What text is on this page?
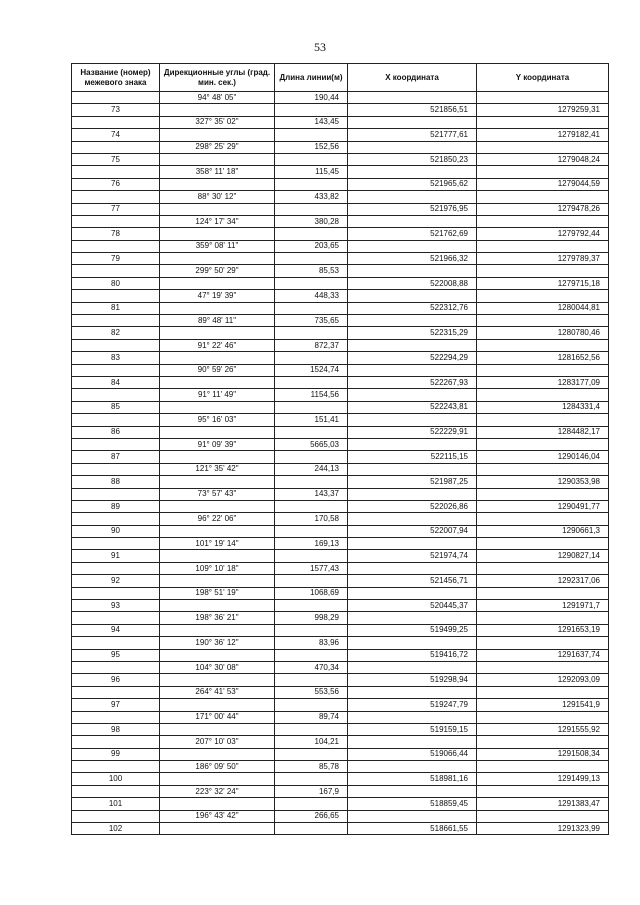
53
Название (номер) межевого знака	Дирекционные углы (град. мин. сек.)	Длина линии(м)	X координата	Y координата
	94° 48' 05"	190,44		
73			521856,51	1279259,31
	327° 35' 02"	143,45		
74			521777,61	1279182,41
	298° 25' 29"	152,56		
75			521850,23	1279048,24
	358° 11' 18"	115,45		
76			521965,62	1279044,59
	88° 30' 12"	433,82		
77			521976,95	1279478,26
	124° 17' 34"	380,28		
78			521762,69	1279792,44
	359° 08' 11"	203,65		
79			521966,32	1279789,37
	299° 50' 29"	85,53		
80			522008,88	1279715,18
	47° 19' 39"	448,33		
81			522312,76	1280044,81
	89° 48' 11"	735,65		
82			522315,29	1280780,46
	91° 22' 46"	872,37		
83			522294,29	1281652,56
	90° 59' 26"	1524,74		
84			522267,93	1283177,09
	91° 11' 49"	1154,56		
85			522243,81	1284331,4
	95° 16' 03"	151,41		
86			522229,91	1284482,17
	91° 09' 39"	5665,03		
87			522115,15	1290146,04
	121° 35' 42"	244,13		
88			521987,25	1290353,98
	73° 57' 43"	143,37		
89			522026,86	1290491,77
	96° 22' 06"	170,58		
90			522007,94	1290661,3
	101° 19' 14"	169,13		
91			521974,74	1290827,14
	109° 10' 18"	1577,43		
92			521456,71	1292317,06
	198° 51' 19"	1068,69		
93			520445,37	1291971,7
	198° 36' 21"	998,29		
94			519499,25	1291653,19
	190° 36' 12"	83,96		
95			519416,72	1291637,74
	104° 30' 08"	470,34		
96			519298,94	1292093,09
	264° 41' 53"	553,56		
97			519247,79	1291541,9
	171° 00' 44"	89,74		
98			519159,15	1291555,92
	207° 10' 03"	104,21		
99			519066,44	1291508,34
	186° 09' 50"	85,78		
100			518981,16	1291499,13
	223° 32' 24"	167,9		
101			518859,45	1291383,47
	196° 43' 42"	266,65		
102			518661,55	1291323,99
